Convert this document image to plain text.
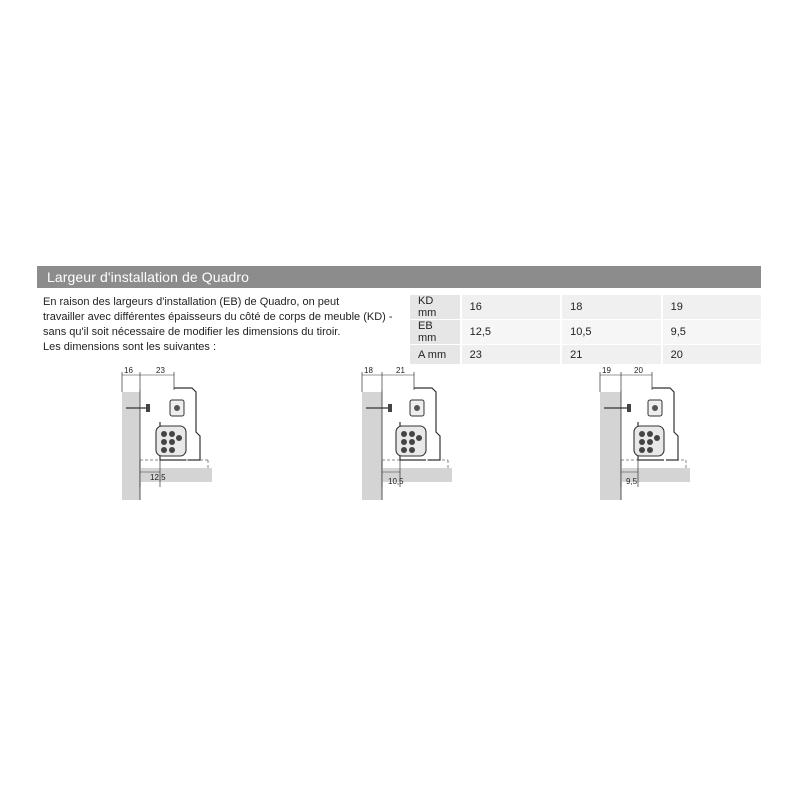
Largeur d'installation de Quadro
En raison des largeurs d'installation (EB) de Quadro, on peut
travailler avec différentes épaisseurs du côté de corps de meuble (KD) -
sans qu'il soit nécessaire de modifier les dimensions du tiroir.
Les dimensions sont les suivantes :
KD mm	16	18	19
EB mm	12,5	10,5	9,5
A mm	23	21	20
16	23
12,5
18	21
10,5
19	20
9,5
